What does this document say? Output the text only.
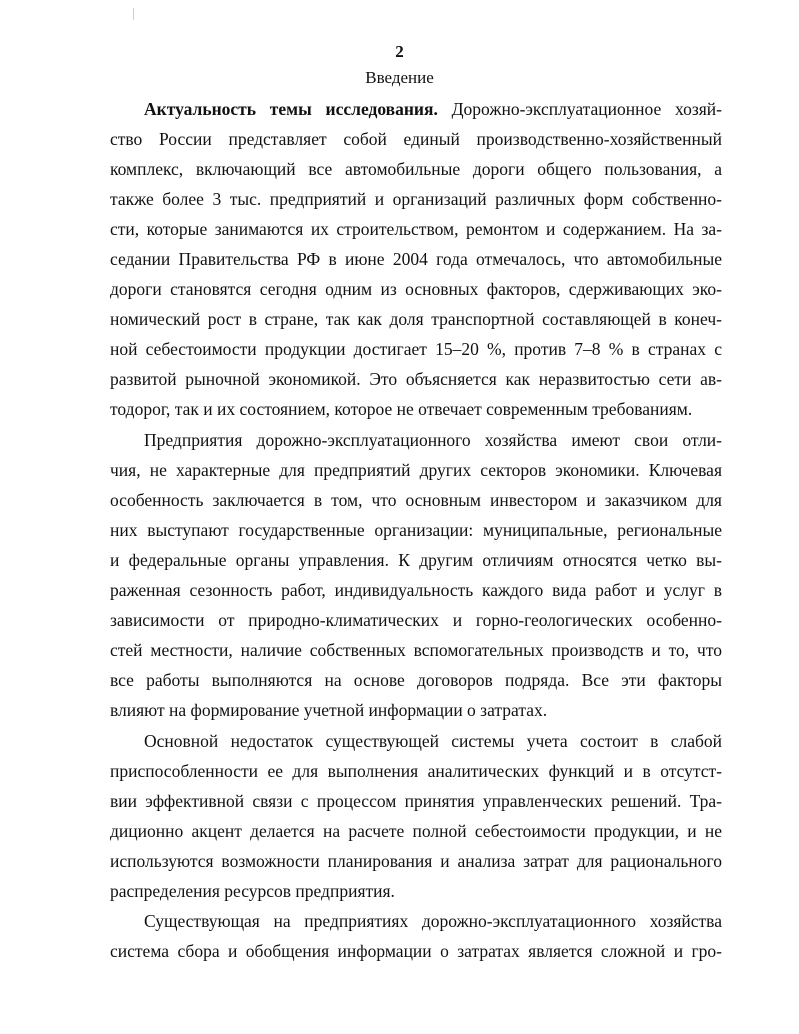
2
Введение
Актуальность темы исследования. Дорожно-эксплуатационное хозяй-
ство России представляет собой единый производственно-хозяйственный
комплекс, включающий все автомобильные дороги общего пользования, а
также более 3 тыс. предприятий и организаций различных форм собственно-
сти, которые занимаются их строительством, ремонтом и содержанием. На за-
седании Правительства РФ в июне 2004 года отмечалось, что автомобильные
дороги становятся сегодня одним из основных факторов, сдерживающих эко-
номический рост в стране, так как доля транспортной составляющей в конеч-
ной себестоимости продукции достигает 15–20 %, против 7–8 % в странах с
развитой рыночной экономикой. Это объясняется как неразвитостью сети ав-
тодорог, так и их состоянием, которое не отвечает современным требованиям.
Предприятия дорожно-эксплуатационного хозяйства имеют свои отли-
чия, не характерные для предприятий других секторов экономики. Ключевая
особенность заключается в том, что основным инвестором и заказчиком для
них выступают государственные организации: муниципальные, региональные
и федеральные органы управления. К другим отличиям относятся четко вы-
раженная сезонность работ, индивидуальность каждого вида работ и услуг в
зависимости от природно-климатических и горно-геологических особенно-
стей местности, наличие собственных вспомогательных производств и то, что
все работы выполняются на основе договоров подряда. Все эти факторы
влияют на формирование учетной информации о затратах.
Основной недостаток существующей системы учета состоит в слабой
приспособленности ее для выполнения аналитических функций и в отсутст-
вии эффективной связи с процессом принятия управленческих решений. Тра-
диционно акцент делается на расчете полной себестоимости продукции, и не
используются возможности планирования и анализа затрат для рационального
распределения ресурсов предприятия.
Существующая на предприятиях дорожно-эксплуатационного хозяйства
система сбора и обобщения информации о затратах является сложной и гро-
